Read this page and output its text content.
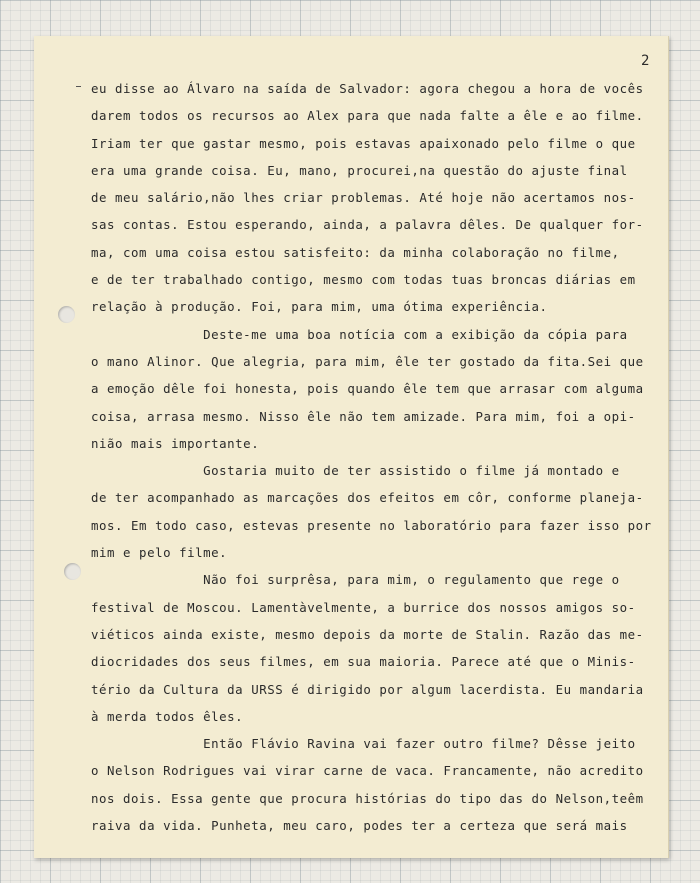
2
eu disse ao Álvaro na saída de Salvador: agora chegou a hora de vocês
darem todos os recursos ao Alex para que nada falte a êle e ao filme.
Iriam ter que gastar mesmo, pois estavas apaixonado pelo filme o que
era uma grande coisa. Eu, mano, procurei,na questão do ajuste final
de meu salário,não lhes criar problemas. Até hoje não acertamos nos-
sas contas. Estou esperando, ainda, a palavra dêles. De qualquer for-
ma, com uma coisa estou satisfeito: da minha colaboração no filme,
e de ter trabalhado contigo, mesmo com todas tuas broncas diárias em
relação à produção. Foi, para mim, uma ótima experiência.
Deste-me uma boa notícia com a exibição da cópia para
o mano Alinor. Que alegria, para mim, êle ter gostado da fita.Sei que
a emoção dêle foi honesta, pois quando êle tem que arrasar com alguma
coisa, arrasa mesmo. Nisso êle não tem amizade. Para mim, foi a opi-
nião mais importante.
Gostaria muito de ter assistido o filme já montado e
de ter acompanhado as marcações dos efeitos em côr, conforme planeja-
mos. Em todo caso, estevas presente no laboratório para fazer isso por
mim e pelo filme.
Não foi surprêsa, para mim, o regulamento que rege o
festival de Moscou. Lamentàvelmente, a burrice dos nossos amigos so-
viéticos ainda existe, mesmo depois da morte de Stalin. Razão das me-
diocridades dos seus filmes, em sua maioria. Parece até que o Minis-
tério da Cultura da URSS é dirigido por algum lacerdista. Eu mandaria
à merda todos êles.
Então Flávio Ravina vai fazer outro filme? Dêsse jeito
o Nelson Rodrigues vai virar carne de vaca. Francamente, não acredito
nos dois. Essa gente que procura histórias do tipo das do Nelson,teêm
raiva da vida. Punheta, meu caro, podes ter a certeza que será mais
